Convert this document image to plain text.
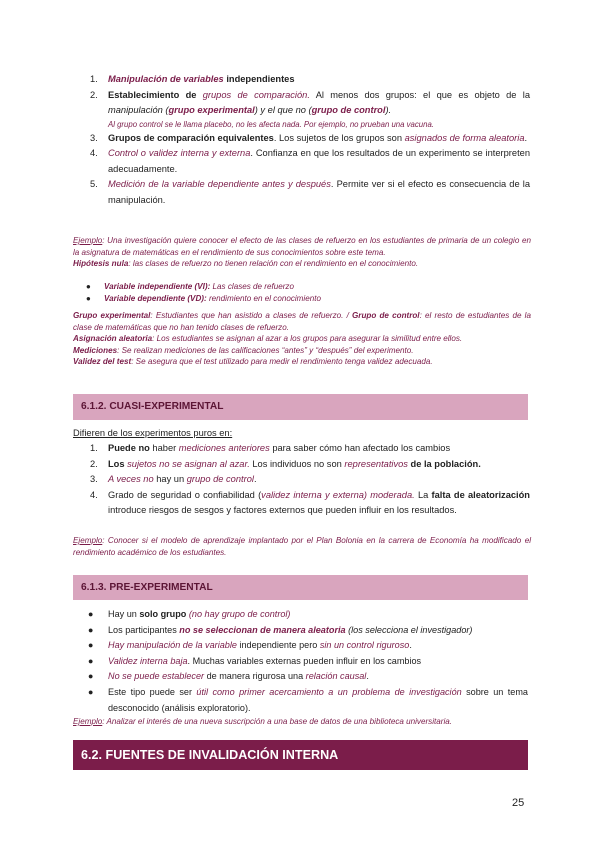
1. Manipulación de variables independientes
2. Establecimiento de grupos de comparación. Al menos dos grupos: el que es objeto de la manipulación (grupo experimental) y el que no (grupo de control).
Al grupo control se le llama placebo, no les afecta nada. Por ejemplo, no prueban una vacuna.
3. Grupos de comparación equivalentes. Los sujetos de los grupos son asignados de forma aleatoria.
4. Control o validez interna y externa. Confianza en que los resultados de un experimento se interpreten adecuadamente.
5. Medición de la variable dependiente antes y después. Permite ver si el efecto es consecuencia de la manipulación.
Ejemplo: Una investigación quiere conocer el efecto de las clases de refuerzo en los estudiantes de primaria de un colegio en la asignatura de matemáticas en el rendimiento de sus conocimientos sobre este tema.
Hipótesis nula: las clases de refuerzo no tienen relación con el rendimiento en el conocimiento.
● Variable independiente (VI): Las clases de refuerzo
● Variable dependiente (VD): rendimiento en el conocimiento
Grupo experimental: Estudiantes que han asistido a clases de refuerzo. / Grupo de control: el resto de estudiantes de la clase de matemáticas que no han tenido clases de refuerzo.
Asignación aleatoria: Los estudiantes se asignan al azar a los grupos para asegurar la similitud entre ellos.
Mediciones: Se realizan mediciones de las calificaciones “antes” y “después” del experimento.
Validez del test: Se asegura que el test utilizado para medir el rendimiento tenga validez adecuada.
6.1.2. CUASI-EXPERIMENTAL
Difieren de los experimentos puros en:
1. Puede no haber mediciones anteriores para saber cómo han afectado los cambios
2. Los sujetos no se asignan al azar. Los individuos no son representativos de la población.
3. A veces no hay un grupo de control.
4. Grado de seguridad o confiabilidad (validez interna y externa) moderada. La falta de aleatorización introduce riesgos de sesgos y factores externos que pueden influir en los resultados.
Ejemplo: Conocer si el modelo de aprendizaje implantado por el Plan Bolonia en la carrera de Economía ha modificado el rendimiento académico de los estudiantes.
6.1.3. PRE-EXPERIMENTAL
● Hay un solo grupo (no hay grupo de control)
● Los participantes no se seleccionan de manera aleatoria (los selecciona el investigador)
● Hay manipulación de la variable independiente pero sin un control riguroso.
● Validez interna baja. Muchas variables externas pueden influir en los cambios
● No se puede establecer de manera rigurosa una relación causal.
● Este tipo puede ser útil como primer acercamiento a un problema de investigación sobre un tema desconocido (análisis exploratorio).
Ejemplo: Analizar el interés de una nueva suscripción a una base de datos de una biblioteca universitaria.
6.2. FUENTES DE INVALIDACIÓN INTERNA
25
